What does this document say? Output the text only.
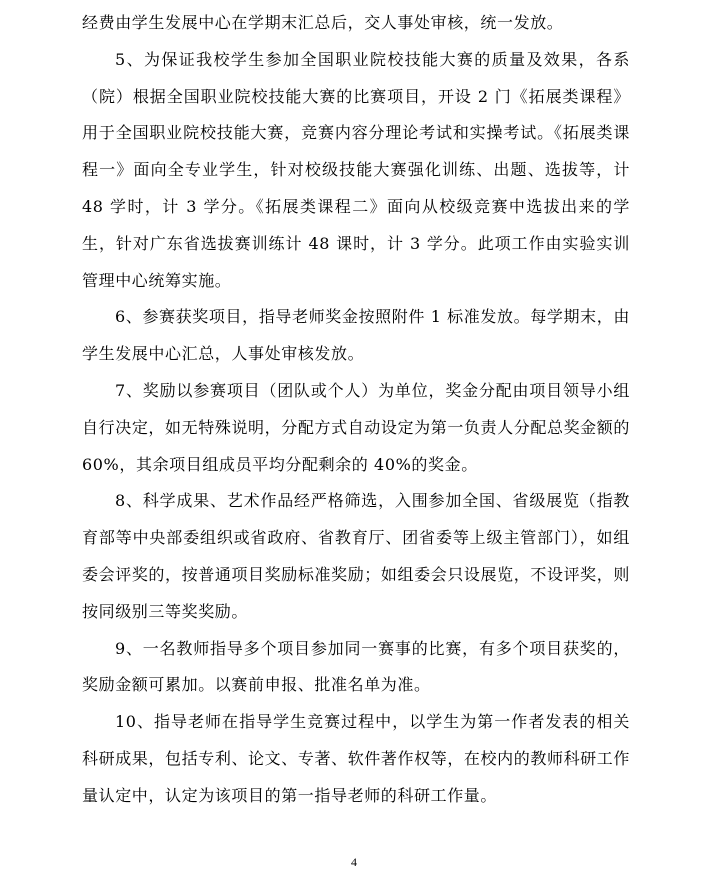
经费由学生发展中心在学期末汇总后，交人事处审核，统一发放。

5、为保证我校学生参加全国职业院校技能大赛的质量及效果，各系（院）根据全国职业院校技能大赛的比赛项目，开设 2 门《拓展类课程》用于全国职业院校技能大赛，竞赛内容分理论考试和实操考试。《拓展类课程一》面向全专业学生，针对校级技能大赛强化训练、出题、选拔等，计 48 学时，计 3 学分。《拓展类课程二》面向从校级竞赛中选拔出来的学生，针对广东省选拔赛训练计 48 课时，计 3 学分。此项工作由实验实训管理中心统筹实施。

6、参赛获奖项目，指导老师奖金按照附件 1 标准发放。每学期末，由学生发展中心汇总，人事处审核发放。

7、奖励以参赛项目（团队或个人）为单位，奖金分配由项目领导小组自行决定，如无特殊说明，分配方式自动设定为第一负责人分配总奖金额的 60%，其余项目组成员平均分配剩余的 40%的奖金。

8、科学成果、艺术作品经严格筛选，入围参加全国、省级展览（指教育部等中央部委组织或省政府、省教育厅、团省委等上级主管部门），如组委会评奖的，按普通项目奖励标准奖励；如组委会只设展览，不设评奖，则按同级别三等奖奖励。

9、一名教师指导多个项目参加同一赛事的比赛，有多个项目获奖的，奖励金额可累加。以赛前申报、批准名单为准。

10、指导老师在指导学生竞赛过程中，以学生为第一作者发表的相关科研成果，包括专利、论文、专著、软件著作权等，在校内的教师科研工作量认定中，认定为该项目的第一指导老师的科研工作量。

4
